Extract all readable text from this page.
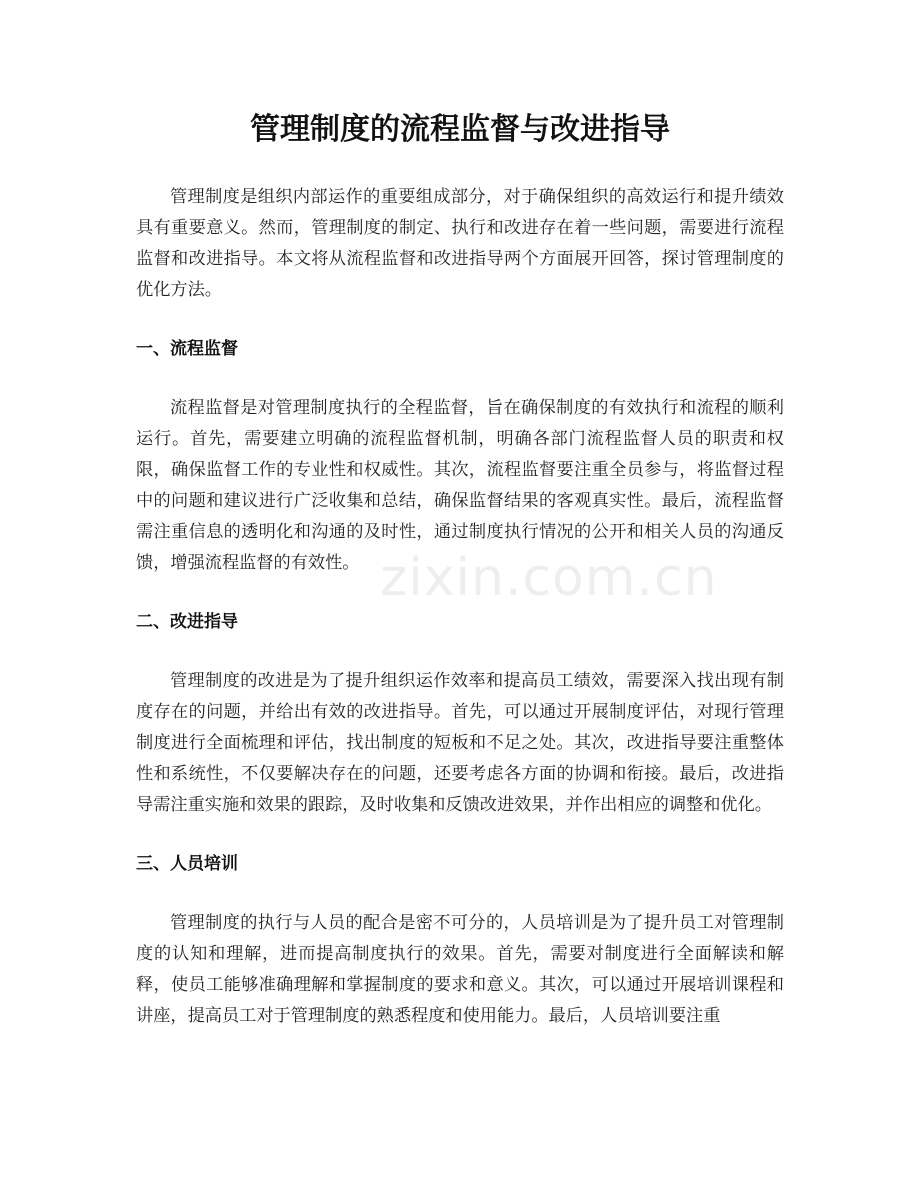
管理制度的流程监督与改进指导

管理制度是组织内部运作的重要组成部分，对于确保组织的高效运行和提升绩效具有重要意义。然而，管理制度的制定、执行和改进存在着一些问题，需要进行流程监督和改进指导。本文将从流程监督和改进指导两个方面展开回答，探讨管理制度的优化方法。

一、流程监督

流程监督是对管理制度执行的全程监督，旨在确保制度的有效执行和流程的顺利运行。首先，需要建立明确的流程监督机制，明确各部门流程监督人员的职责和权限，确保监督工作的专业性和权威性。其次，流程监督要注重全员参与，将监督过程中的问题和建议进行广泛收集和总结，确保监督结果的客观真实性。最后，流程监督需注重信息的透明化和沟通的及时性，通过制度执行情况的公开和相关人员的沟通反馈，增强流程监督的有效性。

二、改进指导

管理制度的改进是为了提升组织运作效率和提高员工绩效，需要深入找出现有制度存在的问题，并给出有效的改进指导。首先，可以通过开展制度评估，对现行管理制度进行全面梳理和评估，找出制度的短板和不足之处。其次，改进指导要注重整体性和系统性，不仅要解决存在的问题，还要考虑各方面的协调和衔接。最后，改进指导需注重实施和效果的跟踪，及时收集和反馈改进效果，并作出相应的调整和优化。

三、人员培训

管理制度的执行与人员的配合是密不可分的，人员培训是为了提升员工对管理制度的认知和理解，进而提高制度执行的效果。首先，需要对制度进行全面解读和解释，使员工能够准确理解和掌握制度的要求和意义。其次，可以通过开展培训课程和讲座，提高员工对于管理制度的熟悉程度和使用能力。最后，人员培训要注重

zixin.com.cn
